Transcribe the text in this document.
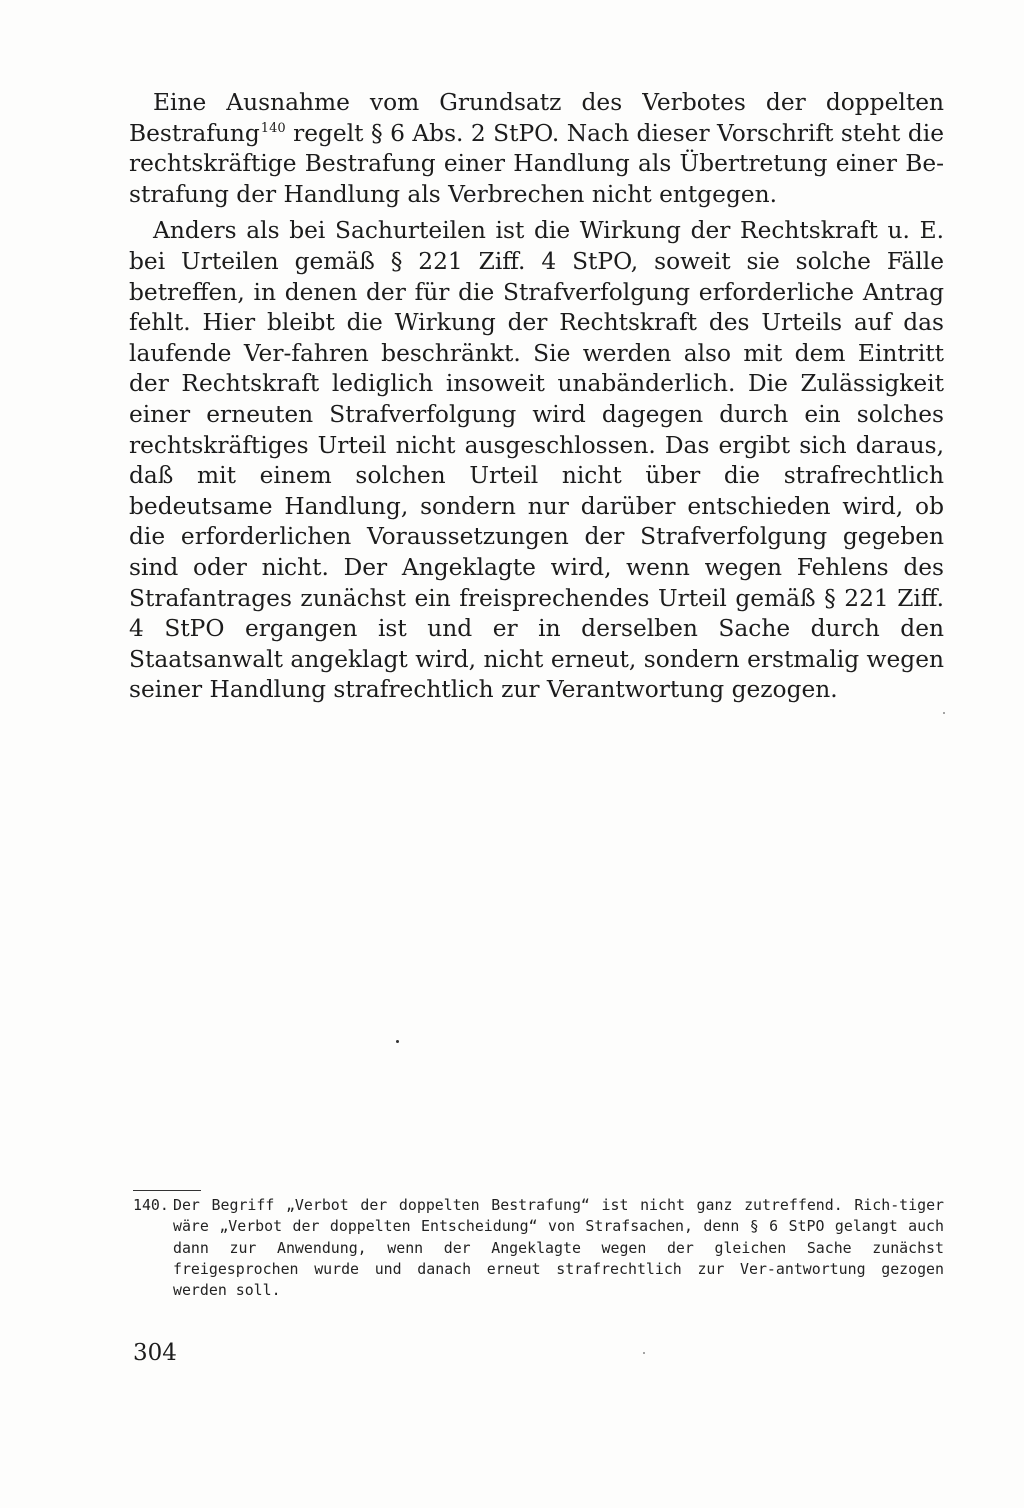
Eine Ausnahme vom Grundsatz des Verbotes der doppelten Bestrafung$^{140}$ regelt § 6 Abs. 2 StPO. Nach dieser Vorschrift steht die rechtskräftige Bestrafung einer Handlung als Übertretung einer Be-strafung der Handlung als Verbrechen nicht entgegen.

Anders als bei Sachurteilen ist die Wirkung der Rechtskraft u. E. bei Urteilen gemäß § 221 Ziff. 4 StPO, soweit sie solche Fälle betreffen, in denen der für die Strafverfolgung erforderliche Antrag fehlt. Hier bleibt die Wirkung der Rechtskraft des Urteils auf das laufende Ver-fahren beschränkt. Sie werden also mit dem Eintritt der Rechtskraft lediglich insoweit unabänderlich. Die Zulässigkeit einer erneuten Strafverfolgung wird dagegen durch ein solches rechtskräftiges Urteil nicht ausgeschlossen. Das ergibt sich daraus, daß mit einem solchen Urteil nicht über die strafrechtlich bedeutsame Handlung, sondern nur darüber entschieden wird, ob die erforderlichen Voraussetzungen der Strafverfolgung gegeben sind oder nicht. Der Angeklagte wird, wenn wegen Fehlens des Strafantrages zunächst ein freisprechendes Urteil gemäß § 221 Ziff. 4 StPO ergangen ist und er in derselben Sache durch den Staatsanwalt angeklagt wird, nicht erneut, sondern erstmalig wegen seiner Handlung strafrechtlich zur Verantwortung gezogen.

140. Der Begriff „Verbot der doppelten Bestrafung“ ist nicht ganz zutreffend. Rich-tiger wäre „Verbot der doppelten Entscheidung“ von Strafsachen, denn § 6 StPO gelangt auch dann zur Anwendung, wenn der Angeklagte wegen der gleichen Sache zunächst freigesprochen wurde und danach erneut strafrechtlich zur Ver-antwortung gezogen werden soll.
304
